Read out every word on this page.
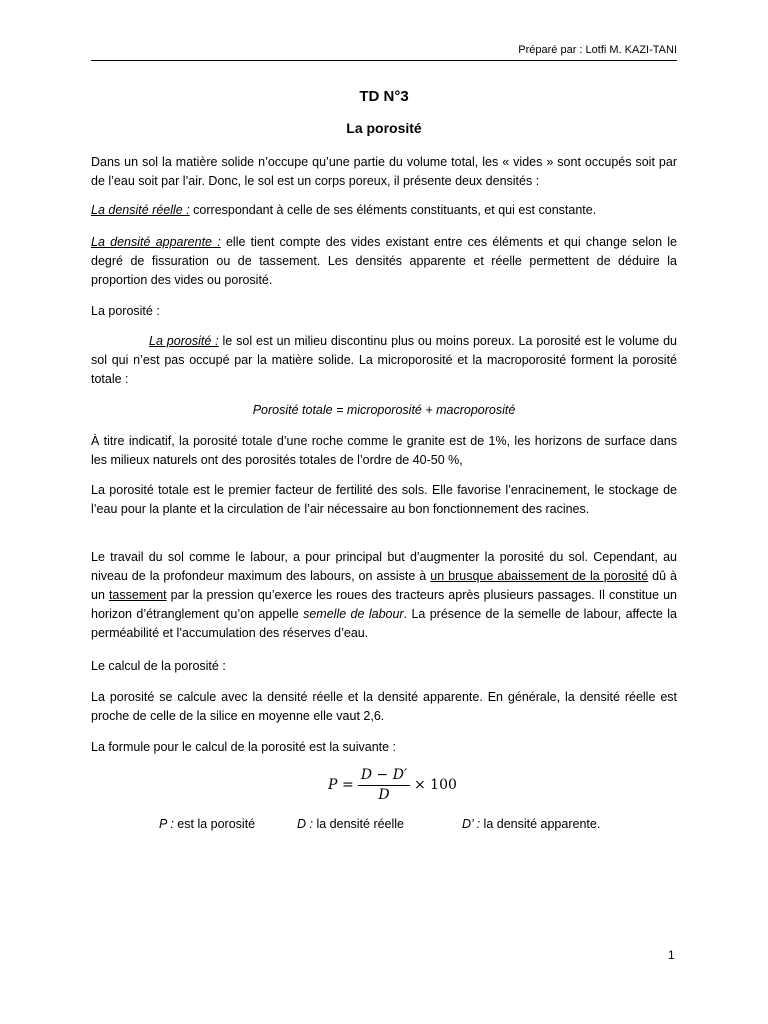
Préparé par : Lotfi M. KAZI-TANI
TD N°3
La porosité

Dans un sol la matière solide n’occupe qu’une partie du volume total, les « vides » sont occupés soit par de l’eau soit par l’air. Donc, le sol est un corps poreux, il présente deux densités :

La densité réelle : correspondant à celle de ses éléments constituants, et qui est constante.

La densité apparente : elle tient compte des vides existant entre ces éléments et qui change selon le degré de fissuration ou de tassement. Les densités apparente et réelle permettent de déduire la proportion des vides ou porosité.

La porosité :

La porosité : le sol est un milieu discontinu plus ou moins poreux. La porosité est le volume du sol qui n’est pas occupé par la matière solide. La microporosité et la macroporosité forment la porosité totale :

Porosité totale = microporosité + macroporosité

À titre indicatif, la porosité totale d’une roche comme le granite est de 1%, les horizons de surface dans les milieux naturels ont des porosités totales de l’ordre de 40-50 %,

La porosité totale est le premier facteur de fertilité des sols. Elle favorise l’enracinement, le stockage de l’eau pour la plante et la circulation de l’air nécessaire au bon fonctionnement des racines.

Le travail du sol comme le labour, a pour principal but d’augmenter la porosité du sol. Cependant, au niveau de la profondeur maximum des labours, on assiste à un brusque abaissement de la porosité dû à un tassement par la pression qu’exerce les roues des tracteurs après plusieurs passages. Il constitue un horizon d’étranglement qu’on appelle semelle de labour. La présence de la semelle de labour, affecte la perméabilité et l’accumulation des réserves d’eau.

Le calcul de la porosité :

La porosité se calcule avec la densité réelle et la densité apparente. En générale, la densité réelle est proche de celle de la silice en moyenne elle vaut 2,6.

La formule pour le calcul de la porosité est la suivante :

P =
D − D′
D
× 100
P : est la porosité	D : la densité réelle	D’ : la densité apparente.
1
